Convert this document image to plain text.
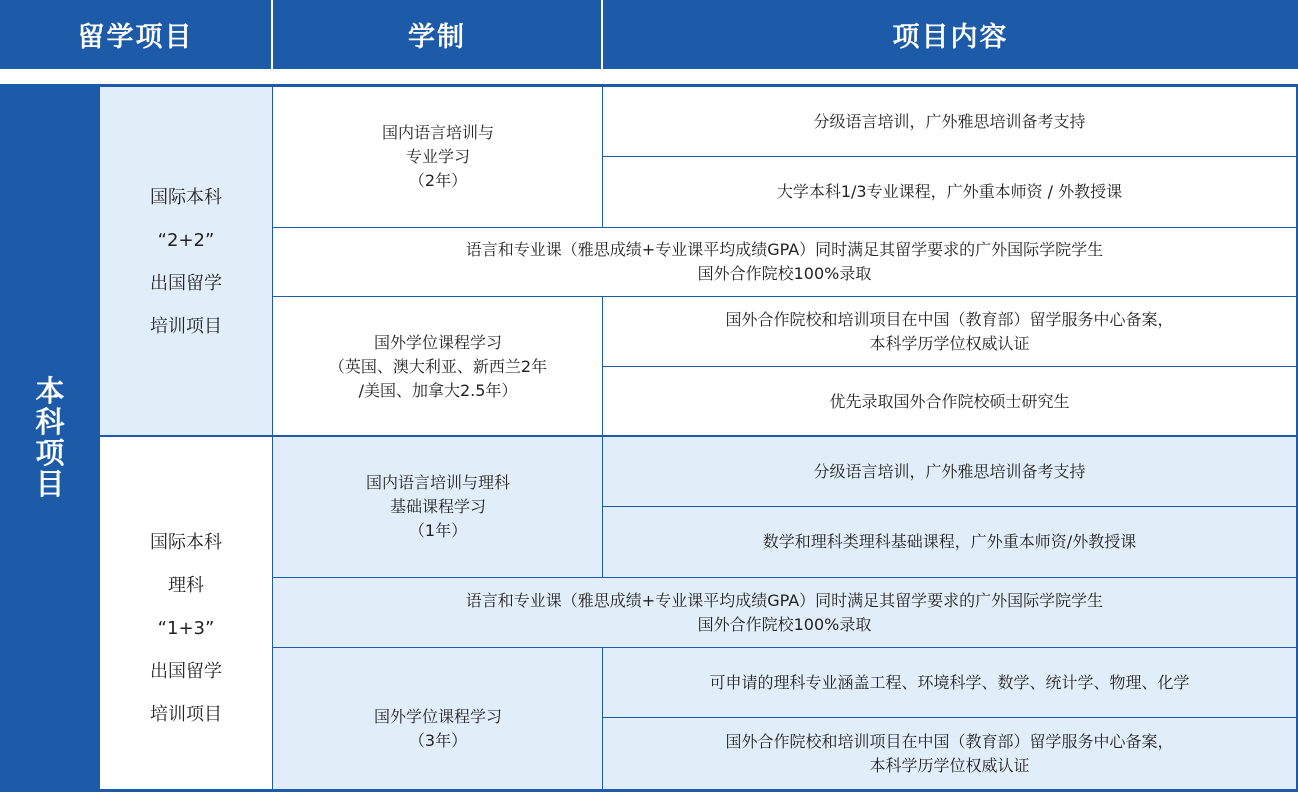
留学项目	学制	项目内容
本
科
项
目
国际本科
“2+2”
出国留学
培训项目
国内语言培训与
专业学习
（2年）
分级语言培训，广外雅思培训备考支持
大学本科1/3专业课程，广外重本师资 / 外教授课
语言和专业课（雅思成绩+专业课平均成绩GPA）同时满足其留学要求的广外国际学院学生
国外合作院校100%录取
国外学位课程学习
（英国、澳大利亚、新西兰2年
/美国、加拿大2.5年）
国外合作院校和培训项目在中国（教育部）留学服务中心备案，
本科学历学位权威认证
优先录取国外合作院校硕士研究生
国际本科
理科
“1+3”
出国留学
培训项目
国内语言培训与理科
基础课程学习
（1年）
分级语言培训，广外雅思培训备考支持
数学和理科类理科基础课程，广外重本师资/外教授课
语言和专业课（雅思成绩+专业课平均成绩GPA）同时满足其留学要求的广外国际学院学生
国外合作院校100%录取
国外学位课程学习
（3年）
可申请的理科专业涵盖工程、环境科学、数学、统计学、物理、化学
国外合作院校和培训项目在中国（教育部）留学服务中心备案，
本科学历学位权威认证
